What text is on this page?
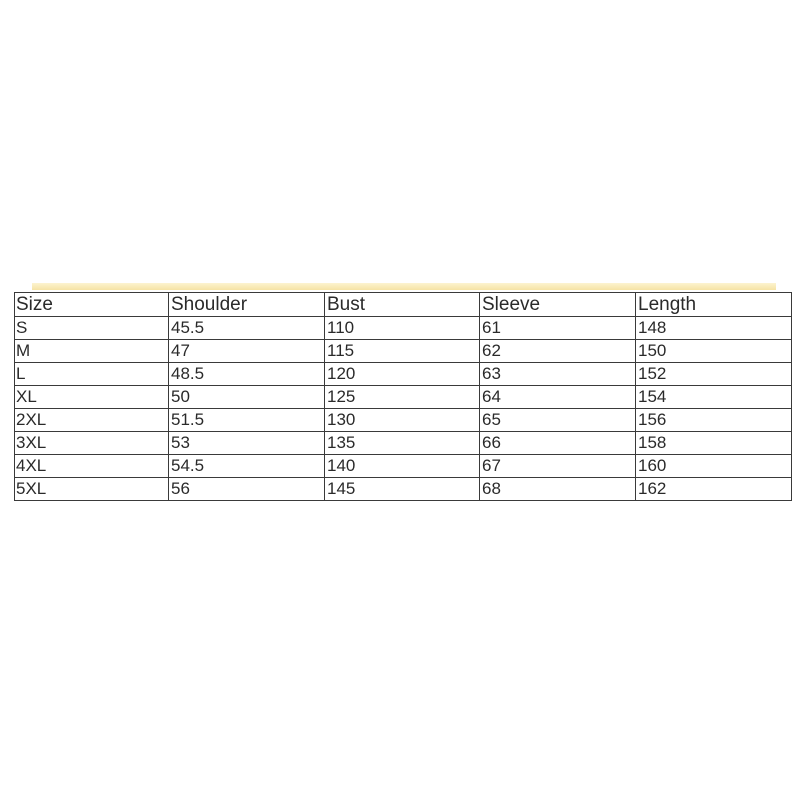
Size	Shoulder	Bust	Sleeve	Length
S	45.5	110	61	148
M	47	115	62	150
L	48.5	120	63	152
XL	50	125	64	154
2XL	51.5	130	65	156
3XL	53	135	66	158
4XL	54.5	140	67	160
5XL	56	145	68	162
